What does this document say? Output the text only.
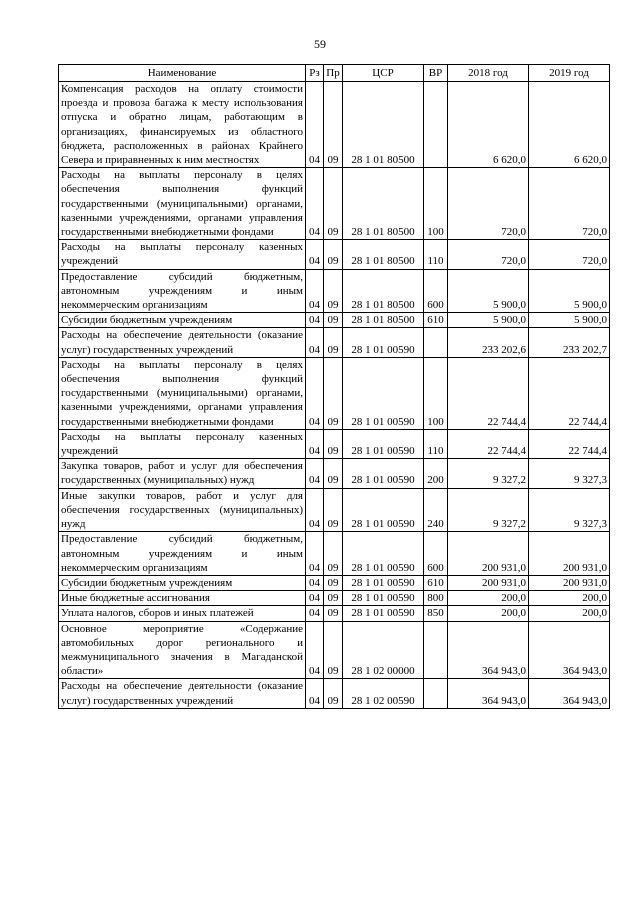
59
Наименование	Рз	Пр	ЦСР	ВР	2018 год	2019 год
Компенсация расходов на оплату стоимости проезда и провоза багажа к месту использования отпуска и обратно лицам, работающим в организациях, финансируемых из областного бюджета, расположенных в районах Крайнего Севера и приравненных к ним местностях	04	09	28 1 01 80500		6 620,0	6 620,0
Расходы на выплаты персоналу в целях обеспечения выполнения функций государственными (муниципальными) органами, казенными учреждениями, органами управления государственными внебюджетными фондами	04	09	28 1 01 80500	100	720,0	720,0
Расходы на выплаты персоналу казенных учреждений	04	09	28 1 01 80500	110	720,0	720,0
Предоставление субсидий бюджетным, автономным учреждениям и иным некоммерческим организациям	04	09	28 1 01 80500	600	5 900,0	5 900,0
Субсидии бюджетным учреждениям	04	09	28 1 01 80500	610	5 900,0	5 900,0
Расходы на обеспечение деятельности (оказание услуг) государственных учреждений	04	09	28 1 01 00590		233 202,6	233 202,7
Расходы на выплаты персоналу в целях обеспечения выполнения функций государственными (муниципальными) органами, казенными учреждениями, органами управления государственными внебюджетными фондами	04	09	28 1 01 00590	100	22 744,4	22 744,4
Расходы на выплаты персоналу казенных учреждений	04	09	28 1 01 00590	110	22 744,4	22 744,4
Закупка товаров, работ и услуг для обеспечения государственных (муниципальных) нужд	04	09	28 1 01 00590	200	9 327,2	9 327,3
Иные закупки товаров, работ и услуг для обеспечения государственных (муниципальных) нужд	04	09	28 1 01 00590	240	9 327,2	9 327,3
Предоставление субсидий бюджетным, автономным учреждениям и иным некоммерческим организациям	04	09	28 1 01 00590	600	200 931,0	200 931,0
Субсидии бюджетным учреждениям	04	09	28 1 01 00590	610	200 931,0	200 931,0
Иные бюджетные ассигнования	04	09	28 1 01 00590	800	200,0	200,0
Уплата налогов, сборов и иных платежей	04	09	28 1 01 00590	850	200,0	200,0
Основное мероприятие «Содержание автомобильных дорог регионального и межмуниципального значения в Магаданской области»	04	09	28 1 02 00000		364 943,0	364 943,0
Расходы на обеспечение деятельности (оказание услуг) государственных учреждений	04	09	28 1 02 00590		364 943,0	364 943,0
